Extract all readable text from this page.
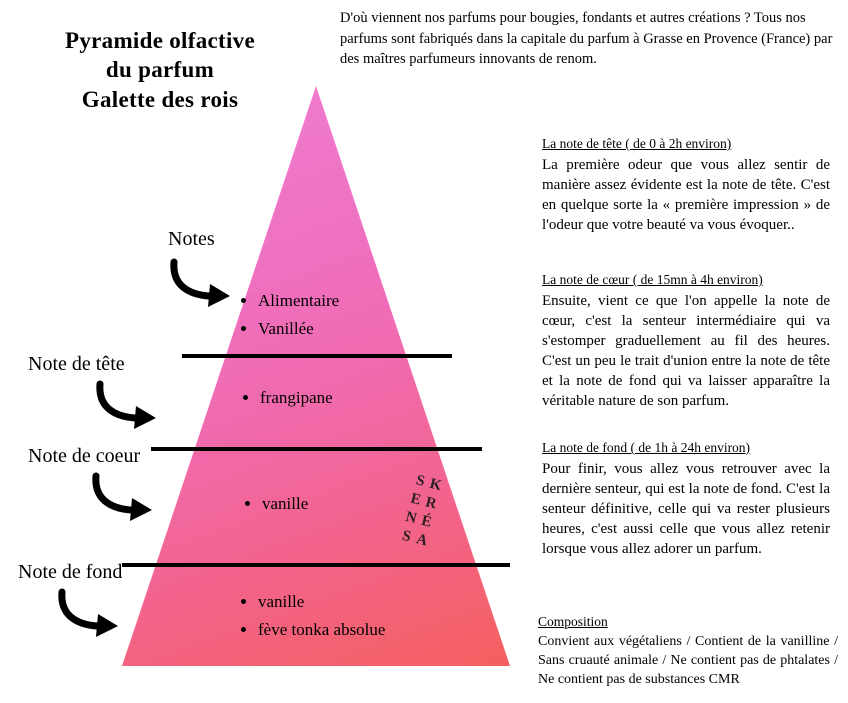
Pyramide olfactive
du parfum
Galette des rois
D'où viennent nos parfums pour bougies, fondants et autres créations ? Tous nos parfums sont fabriqués dans la capitale du parfum à Grasse en Provence (France) par des maîtres parfumeurs innovants de renom.
• Alimentaire
• Vanillée
• frangipane
• vanille
• vanille
• fève tonka absolue
KRÉA SENS
Notes
Note de tête
Note de coeur
Note de fond
La note de tête ( de 0 à 2h environ)
La première odeur que vous allez sentir de manière assez évidente est la note de tête. C'est en quelque sorte la « première impression » de l'odeur que votre beauté va vous évoquer..
La note de cœur ( de 15mn à 4h environ)
Ensuite, vient ce que l'on appelle la note de cœur, c'est la senteur intermédiaire qui va s'estomper graduellement au fil des heures. C'est un peu le trait d'union entre la note de tête et la note de fond qui va laisser apparaître la véritable nature de son parfum.
La note de fond ( de 1h à 24h environ)
Pour finir, vous allez vous retrouver avec la dernière senteur, qui est la note de fond. C'est la senteur définitive, celle qui va rester plusieurs heures, c'est aussi celle que vous allez retenir lorsque vous allez adorer un parfum.
Composition
Convient aux végétaliens / Contient de la vanilline / Sans cruauté animale / Ne contient pas de phtalates / Ne contient pas de substances CMR
